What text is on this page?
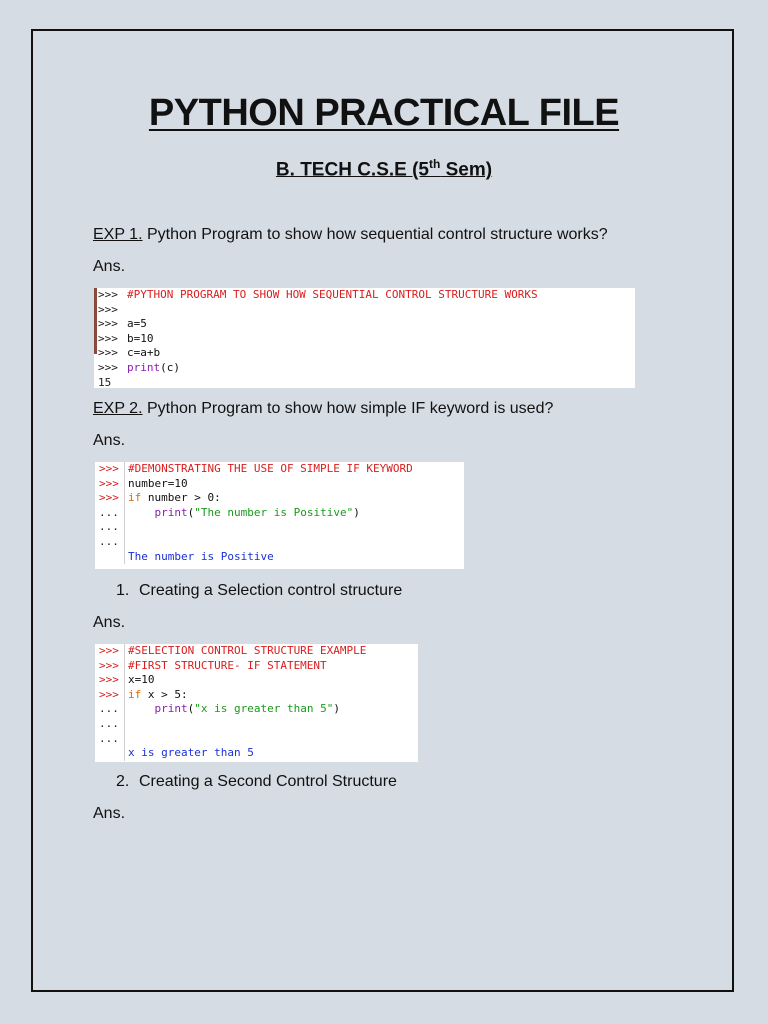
PYTHON PRACTICAL FILE
B. TECH C.S.E (5th Sem)
EXP 1. Python Program to show how sequential control structure works?
Ans.
>>> #PYTHON PROGRAM TO SHOW HOW SEQUENTIAL CONTROL STRUCTURE WORKS
>>>
>>> a=5
>>> b=10
>>> c=a+b
>>> print(c)
15
EXP 2. Python Program to show how simple IF keyword is used?
Ans.
>>> #DEMONSTRATING THE USE OF SIMPLE IF KEYWORD
>>> number=10
>>> if number > 0:
...	print("The number is Positive")
...
...
The number is Positive
1. Creating a Selection control structure
Ans.
>>> #SELECTION CONTROL STRUCTURE EXAMPLE
>>> #FIRST STRUCTURE- IF STATEMENT
>>> x=10
>>> if x > 5:
...	print("x is greater than 5")
...
...
x is greater than 5
2. Creating a Second Control Structure
Ans.
